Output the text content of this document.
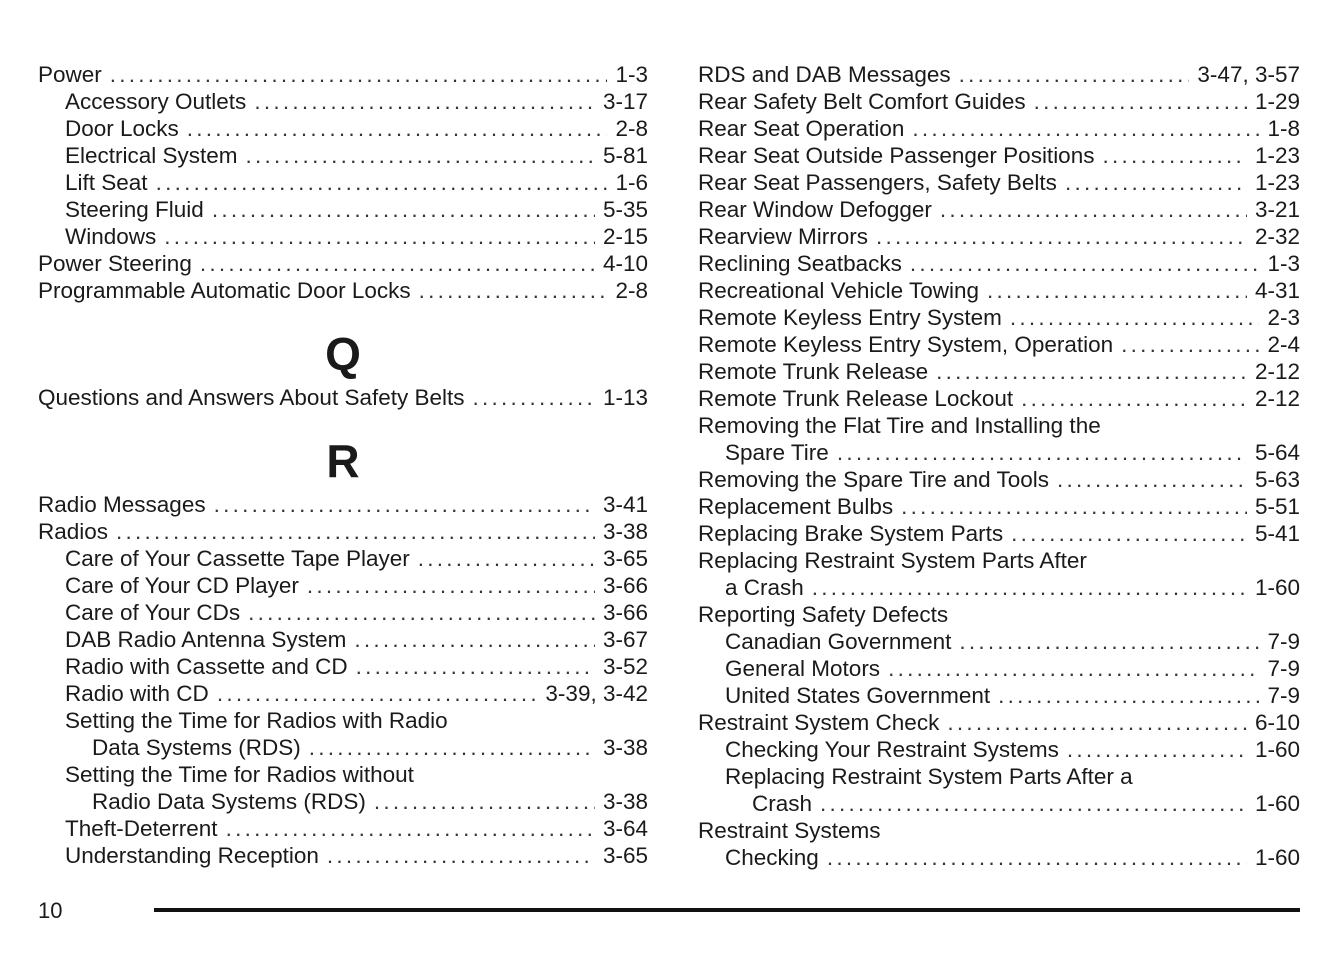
Power . . .	1-3
Accessory Outlets . . .	3-17
Door Locks . . .	2-8
Electrical System . . .	5-81
Lift Seat . . .	1-6
Steering Fluid . . .	5-35
Windows . . .	2-15
Power Steering . . .	4-10
Programmable Automatic Door Locks . . .	2-8
Q
Questions and Answers About Safety Belts . . .	1-13
R
Radio Messages . . .	3-41
Radios . . .	3-38
Care of Your Cassette Tape Player . . .	3-65
Care of Your CD Player . . .	3-66
Care of Your CDs . . .	3-66
DAB Radio Antenna System . . .	3-67
Radio with Cassette and CD . . .	3-52
Radio with CD . . .	3-39, 3-42
Setting the Time for Radios with Radio
Data Systems (RDS) . . .	3-38
Setting the Time for Radios without
Radio Data Systems (RDS) . . .	3-38
Theft-Deterrent . . .	3-64
Understanding Reception . . .	3-65
RDS and DAB Messages . . .	3-47, 3-57
Rear Safety Belt Comfort Guides . . .	1-29
Rear Seat Operation . . .	1-8
Rear Seat Outside Passenger Positions . . .	1-23
Rear Seat Passengers, Safety Belts . . .	1-23
Rear Window Defogger . . .	3-21
Rearview Mirrors . . .	2-32
Reclining Seatbacks . . .	1-3
Recreational Vehicle Towing . . .	4-31
Remote Keyless Entry System . . .	2-3
Remote Keyless Entry System, Operation . . .	2-4
Remote Trunk Release . . .	2-12
Remote Trunk Release Lockout . . .	2-12
Removing the Flat Tire and Installing the
Spare Tire . . .	5-64
Removing the Spare Tire and Tools . . .	5-63
Replacement Bulbs . . .	5-51
Replacing Brake System Parts . . .	5-41
Replacing Restraint System Parts After
a Crash . . .	1-60
Reporting Safety Defects
Canadian Government . . .	7-9
General Motors . . .	7-9
United States Government . . .	7-9
Restraint System Check . . .	6-10
Checking Your Restraint Systems . . .	1-60
Replacing Restraint System Parts After a
Crash . . .	1-60
Restraint Systems
Checking . . .	1-60
10
